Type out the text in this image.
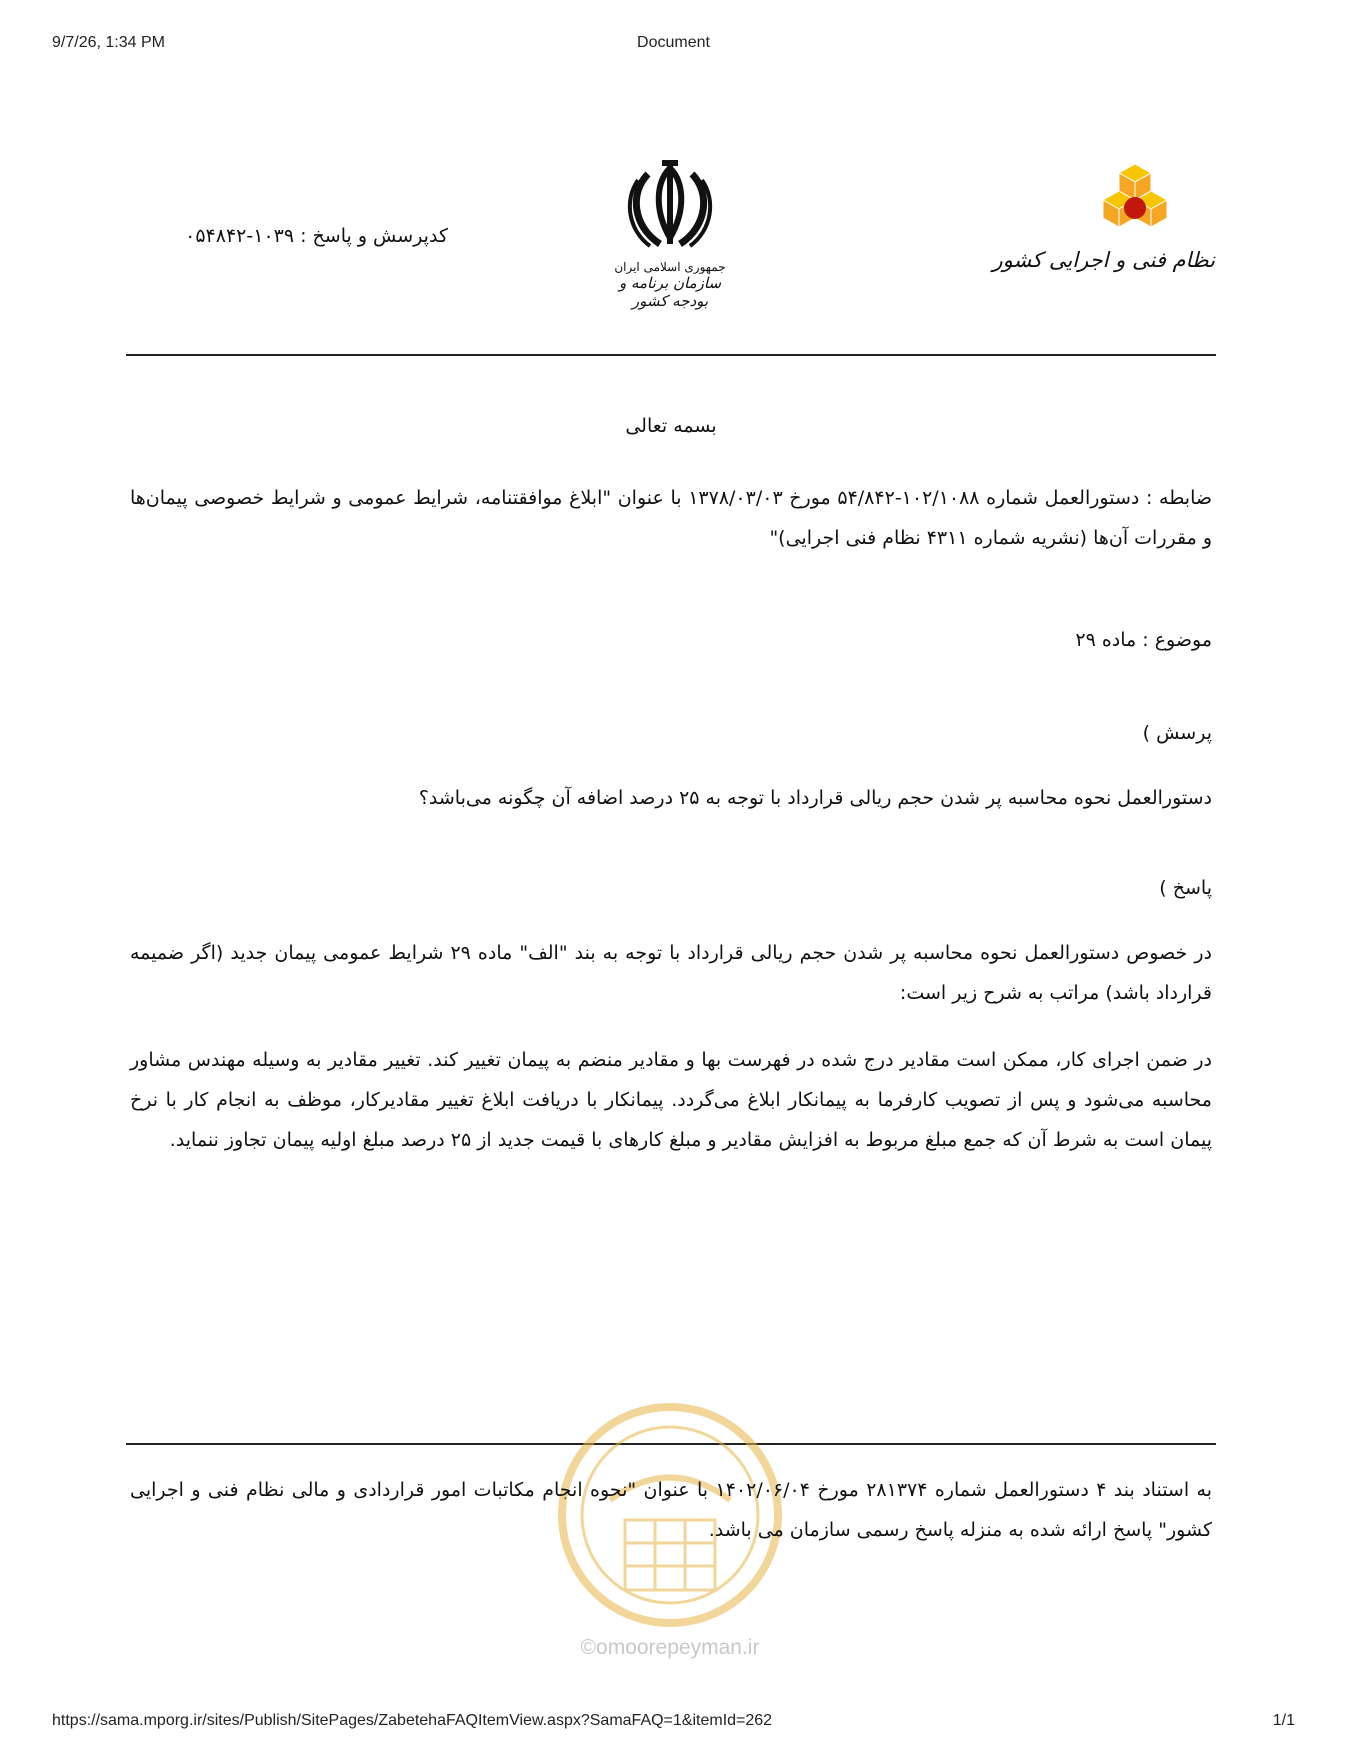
9/7/26, 1:34 PM	Document
کدپرسش و پاسخ : ۱۰۳۹-۰۵۴۸۴۲
جمهوری اسلامی ایران
سازمان برنامه و بودجه کشور
نظام فنی و اجرایی کشور
بسمه تعالی
ضابطه : دستورالعمل شماره ۱۰۲/۱۰۸۸-۵۴/۸۴۲ مورخ ۱۳۷۸/۰۳/۰۳ با عنوان "ابلاغ موافقتنامه، شرایط عمومی و شرایط خصوصی پیمان‌ها و مقررات آن‌ها (نشریه شماره ۴۳۱۱ نظام فنی اجرایی)"
موضوع : ماده ۲۹
پرسش )
دستورالعمل نحوه محاسبه پر شدن حجم ریالی قرارداد با توجه به ۲۵ درصد اضافه آن چگونه می‌باشد؟
پاسخ )
در خصوص دستورالعمل نحوه محاسبه پر شدن حجم ریالی قرارداد با توجه به بند "الف" ماده ۲۹ شرایط عمومی پیمان جدید (اگر ضمیمه قرارداد باشد) مراتب به شرح زیر است:
در ضمن اجرای کار، ممکن است مقادیر درج شده در فهرست بها و مقادیر منضم به پیمان تغییر کند. تغییر مقادیر به وسیله مهندس مشاور محاسبه می‌شود و پس از تصویب کارفرما به پیمانکار ابلاغ می‌گردد. پیمانکار با دریافت ابلاغ تغییر مقادیرکار، موظف به انجام کار با نرخ پیمان است به شرط آن که جمع مبلغ مربوط به افزایش مقادیر و مبلغ کارهای با قیمت جدید از ۲۵ درصد مبلغ اولیه پیمان تجاوز ننماید.
به استناد بند ۴ دستورالعمل شماره ۲۸۱۳۷۴ مورخ ۱۴۰۲/۰۶/۰۴ با عنوان "نحوه انجام مکاتبات امور قراردادی و مالی نظام فنی و اجرایی کشور" پاسخ ارائه شده به منزله پاسخ رسمی سازمان می باشد.
©omoorepeyman.ir
https://sama.mporg.ir/sites/Publish/SitePages/ZabetehaFAQItemView.aspx?SamaFAQ=1&itemId=262	1/1
